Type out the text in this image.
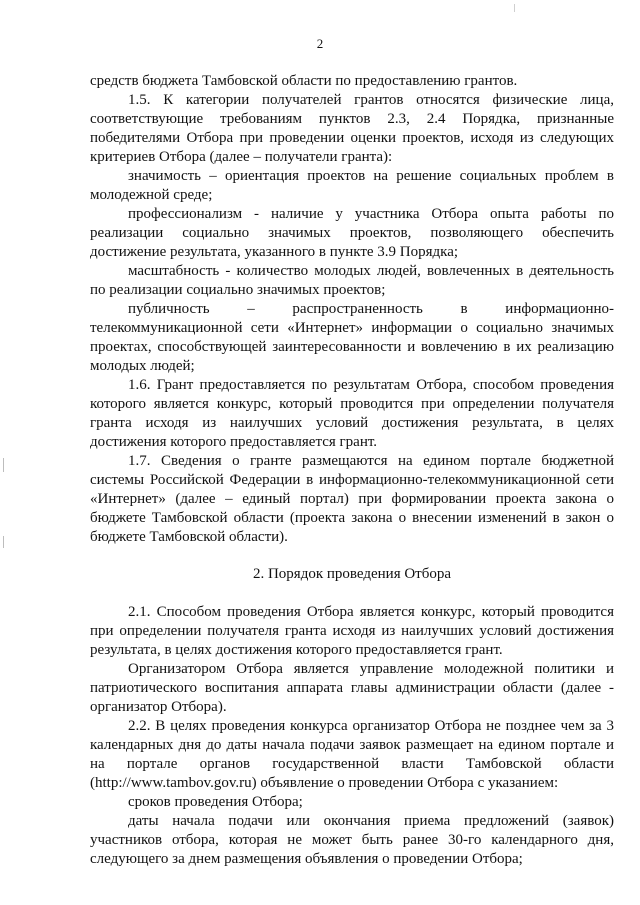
2

средств бюджета Тамбовской области по предоставлению грантов.

1.5. К категории получателей грантов относятся физические лица, соответствующие требованиям пунктов 2.3, 2.4 Порядка, признанные победителями Отбора при проведении оценки проектов, исходя из следующих критериев Отбора (далее – получатели гранта):

значимость – ориентация проектов на решение социальных проблем в молодежной среде;

профессионализм - наличие у участника Отбора опыта работы по реализации социально значимых проектов, позволяющего обеспечить достижение результата, указанного в пункте 3.9 Порядка;

масштабность - количество молодых людей, вовлеченных в деятельность по реализации социально значимых проектов;

публичность – распространенность в информационно-телекоммуникационной сети «Интернет» информации о социально значимых проектах, способствующей заинтересованности и вовлечению в их реализацию молодых людей;

1.6. Грант предоставляется по результатам Отбора, способом проведения которого является конкурс, который проводится при определении получателя гранта исходя из наилучших условий достижения результата, в целях достижения которого предоставляется грант.

1.7. Сведения о гранте размещаются на едином портале бюджетной системы Российской Федерации в информационно-телекоммуникационной сети «Интернет» (далее – единый портал) при формировании проекта закона о бюджете Тамбовской области (проекта закона о внесении изменений в закон о бюджете Тамбовской области).

2. Порядок проведения Отбора

2.1. Способом проведения Отбора является конкурс, который проводится при определении получателя гранта исходя из наилучших условий достижения результата, в целях достижения которого предоставляется грант.

Организатором Отбора является управление молодежной политики и патриотического воспитания аппарата главы администрации области (далее - организатор Отбора).

2.2. В целях проведения конкурса организатор Отбора не позднее чем за 3 календарных дня до даты начала подачи заявок размещает на едином портале и на портале органов государственной власти Тамбовской области (http://www.tambov.gov.ru) объявление о проведении Отбора с указанием:

сроков проведения Отбора;

даты начала подачи или окончания приема предложений (заявок) участников отбора, которая не может быть ранее 30-го календарного дня, следующего за днем размещения объявления о проведении Отбора;
